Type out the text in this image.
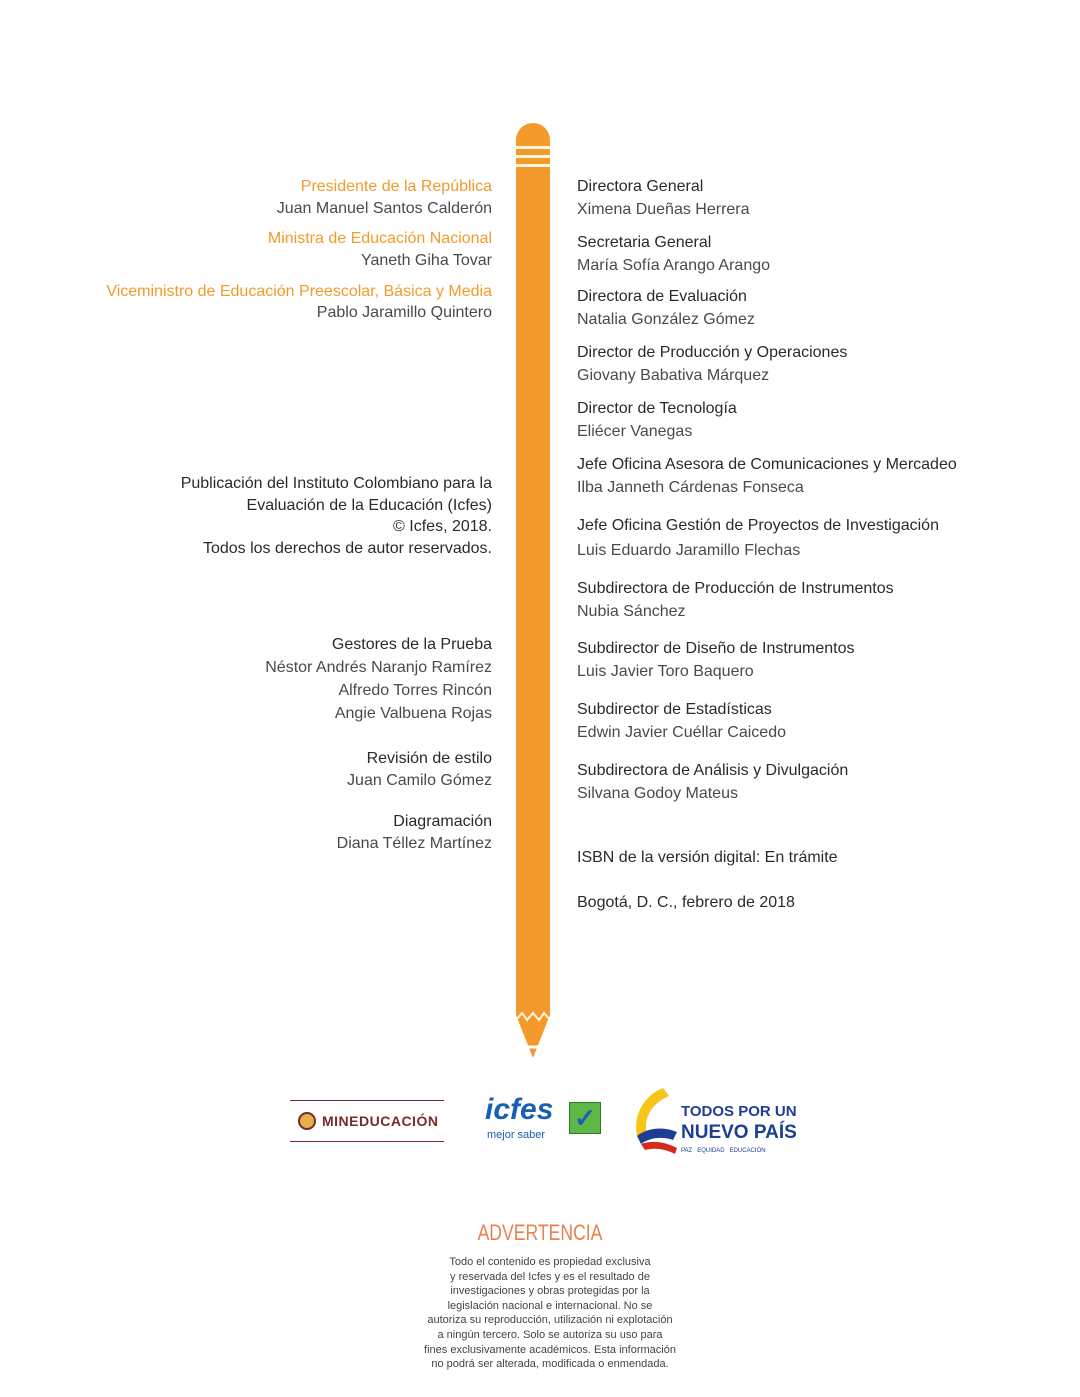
Presidente de la República
Juan Manuel Santos Calderón
Ministra de Educación Nacional
Yaneth Giha Tovar
Viceministro de Educación Preescolar, Básica y Media
Pablo Jaramillo Quintero
Publicación del Instituto Colombiano para la
Evaluación de la Educación (Icfes)
© Icfes, 2018.
Todos los derechos de autor reservados.
Gestores de la Prueba
Néstor Andrés Naranjo Ramírez
Alfredo Torres Rincón
Angie Valbuena Rojas
Revisión de estilo
Juan Camilo Gómez
Diagramación
Diana Téllez Martínez
Directora General
Ximena Dueñas Herrera
Secretaria General
María Sofía Arango Arango
Directora de Evaluación
Natalia González Gómez
Director de Producción y Operaciones
Giovany Babativa Márquez
Director de Tecnología
Eliécer Vanegas
Jefe Oficina Asesora de Comunicaciones y Mercadeo
Ilba Janneth Cárdenas Fonseca
Jefe Oficina Gestión de Proyectos de Investigación
Luis Eduardo Jaramillo Flechas
Subdirectora de Producción de Instrumentos
Nubia Sánchez
Subdirector de Diseño de Instrumentos
Luis Javier Toro Baquero
Subdirector de Estadísticas
Edwin Javier Cuéllar Caicedo
Subdirectora de Análisis y Divulgación
Silvana Godoy Mateus
ISBN de la versión digital: En trámite
Bogotá, D. C., febrero de 2018
MINEDUCACIÓN icfes
mejor saber
✓	TODOS POR UN
NUEVO PAÍS
PAZ   EQUIDAD   EDUCACIÓN
ADVERTENCIA
Todo el contenido es propiedad exclusiva
y reservada del Icfes y es el resultado de
investigaciones y obras protegidas por la
legislación nacional e internacional. No se
autoriza su reproducción, utilización ni explotación
a ningún tercero. Solo se autoriza su uso para
fines exclusivamente académicos. Esta información
no podrá ser alterada, modificada o enmendada.
